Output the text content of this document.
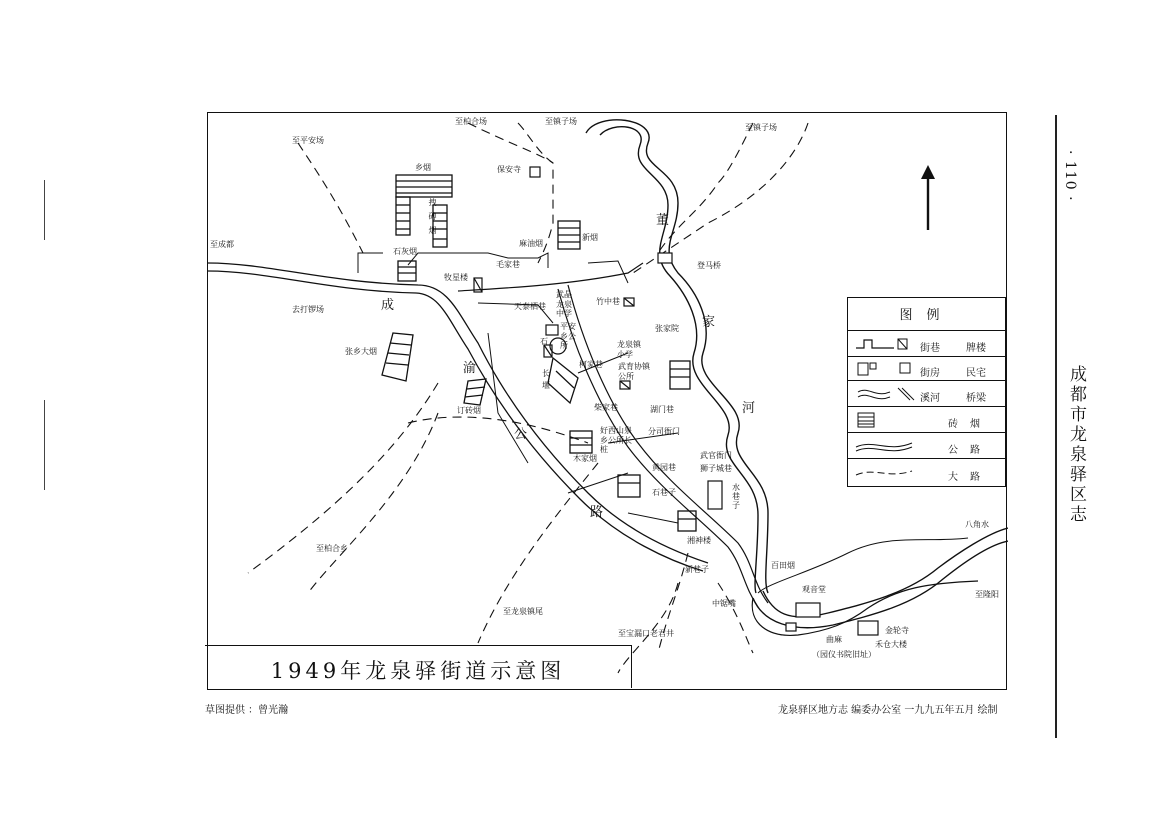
至平安场
至柏合场	至镇子场
至镇子场
至成都
去打锣场
保安寺
乡烟
拽
磚
烟
石灰烟
麻油烟
新烟
毛家巷
牧星楼
张乡大烟
天泰栖巷
武晶龙泉中学
平安乡公所
竹中巷
登马桥
张家院
石
长
堰
柯家巷
龙泉镇小学
武育协镇公所
柴家巷	湖门巷
订砖烟
木家烟
好西山泉乡公所长桩
分司衙门
武官衙门
狮子城巷
黄园巷
石巷子
水巷子
湘神楼
新巷子	百田烟
八角水
至隆阳
观音堂
中锯嘴
至龙泉镇尾
至柏合乡
至宝漏口 老君井
曲麻
金轮寺
禾仓大楼
（园仪书院旧址）
成
渝
公
路
董
家
河
1949年龙泉驿街道示意图
图例
街巷	牌楼
街房	民宅
溪河	桥梁
砖烟
公路
大路
· 110 ·
成都市龙泉驿区志
草图提供 ：曾光瀚	龙泉驿区地方志 编委办公室 一九九五年五月 绘制
